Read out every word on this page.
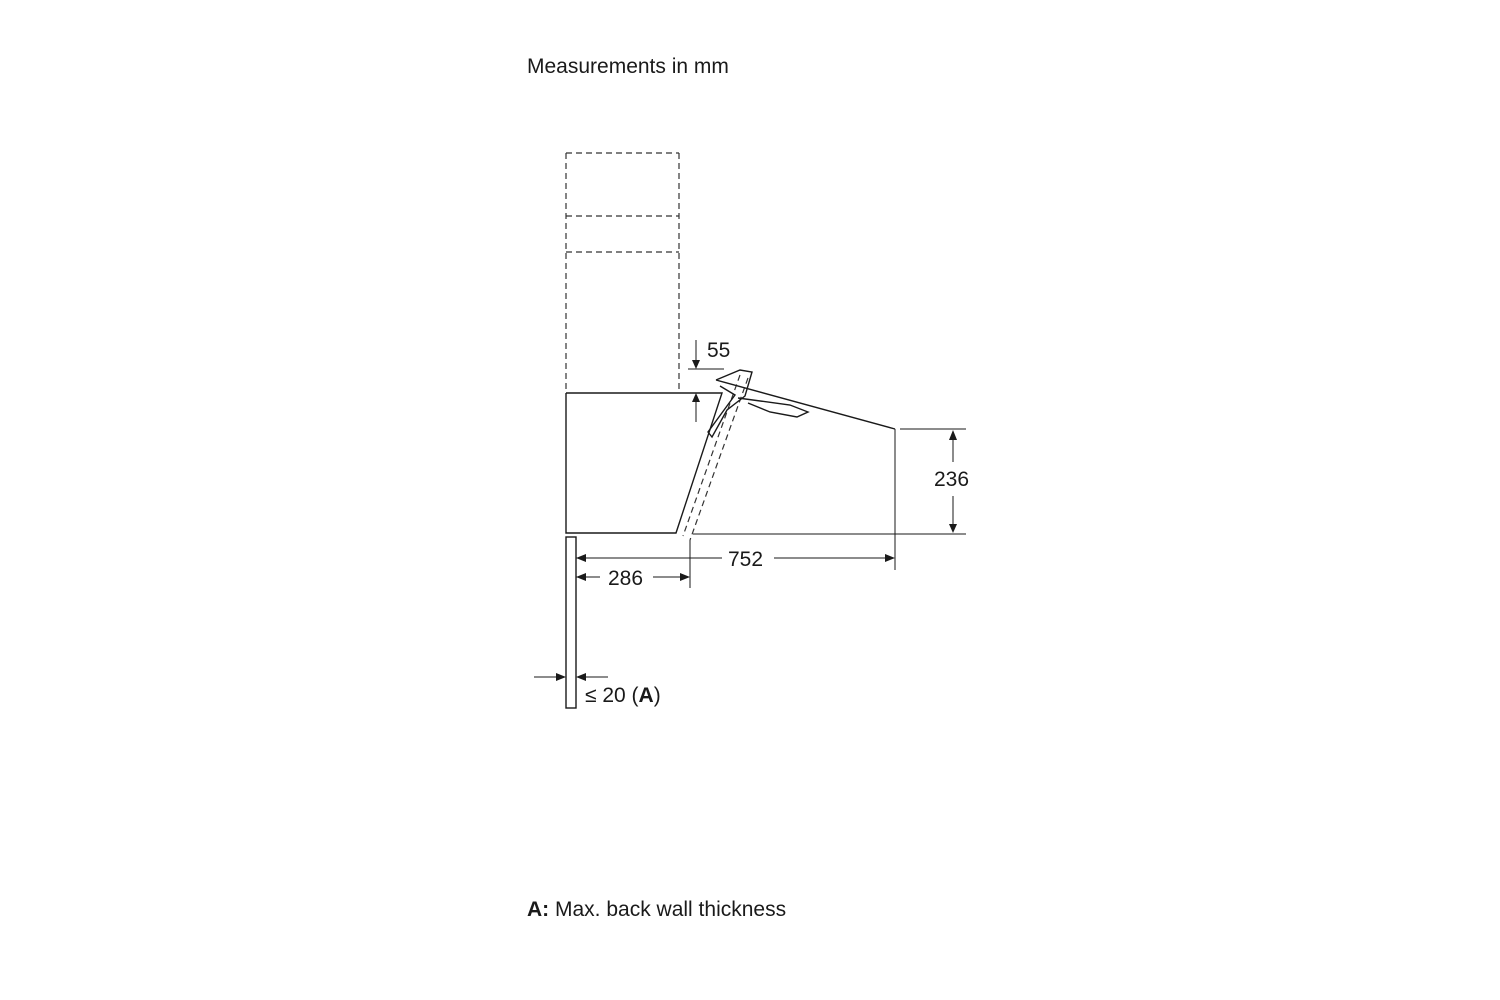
Measurements in mm
55
236
752
286
≤ 20 (A)
A: Max. back wall thickness
